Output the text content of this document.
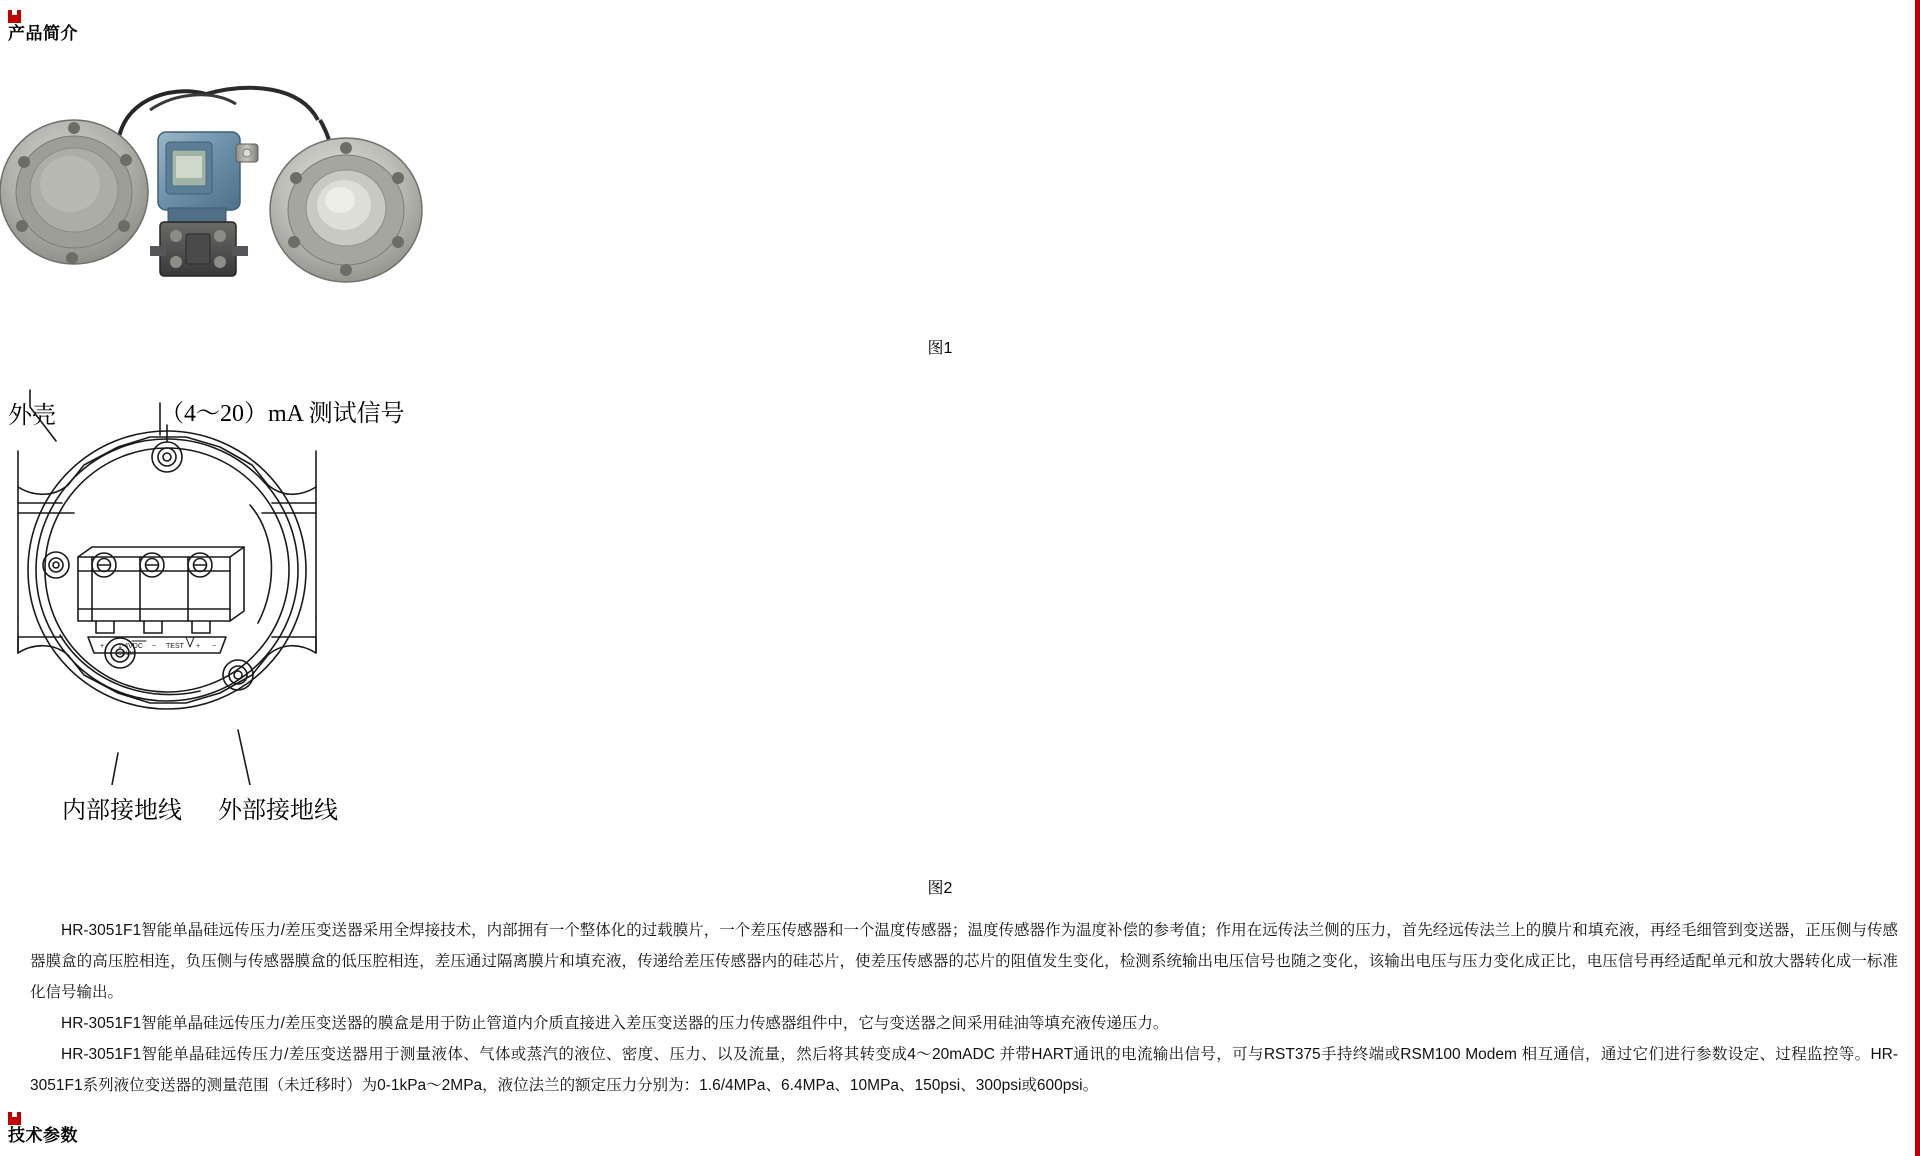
产品简介
图1
外壳	（4～20）mA 测试信号
内部接地线 外部接地线
+ 1-4VDC
COMM
− TEST + −
图2

HR-3051F1智能单晶硅远传压力/差压变送器采用全焊接技术，内部拥有一个整体化的过载膜片，一个差压传感器和一个温度传感器；温度传感器作为温度补偿的参考值；作用在远传法兰侧的压力，首先经远传法兰上的膜片和填充液，再经毛细管到变送器，正压侧与传感器膜盒的高压腔相连，负压侧与传感器膜盒的低压腔相连，差压通过隔离膜片和填充液，传递给差压传感器内的硅芯片，使差压传感器的芯片的阻值发生变化，检测系统输出电压信号也随之变化，该输出电压与压力变化成正比，电压信号再经适配单元和放大器转化成一标准化信号输出。

HR-3051F1智能单晶硅远传压力/差压变送器的膜盒是用于防止管道内介质直接进入差压变送器的压力传感器组件中，它与变送器之间采用硅油等填充液传递压力。

HR-3051F1智能单晶硅远传压力/差压变送器用于测量液体、气体或蒸汽的液位、密度、压力、以及流量，然后将其转变成4～20mADC 并带HART通讯的电流输出信号，可与RST375手持终端或RSM100 Modem 相互通信，通过它们进行参数设定、过程监控等。HR-3051F1系列液位变送器的测量范围（未迁移时）为0-1kPa～2MPa，液位法兰的额定压力分别为：1.6/4MPa、6.4MPa、10MPa、150psi、300psi或600psi。

技术参数
